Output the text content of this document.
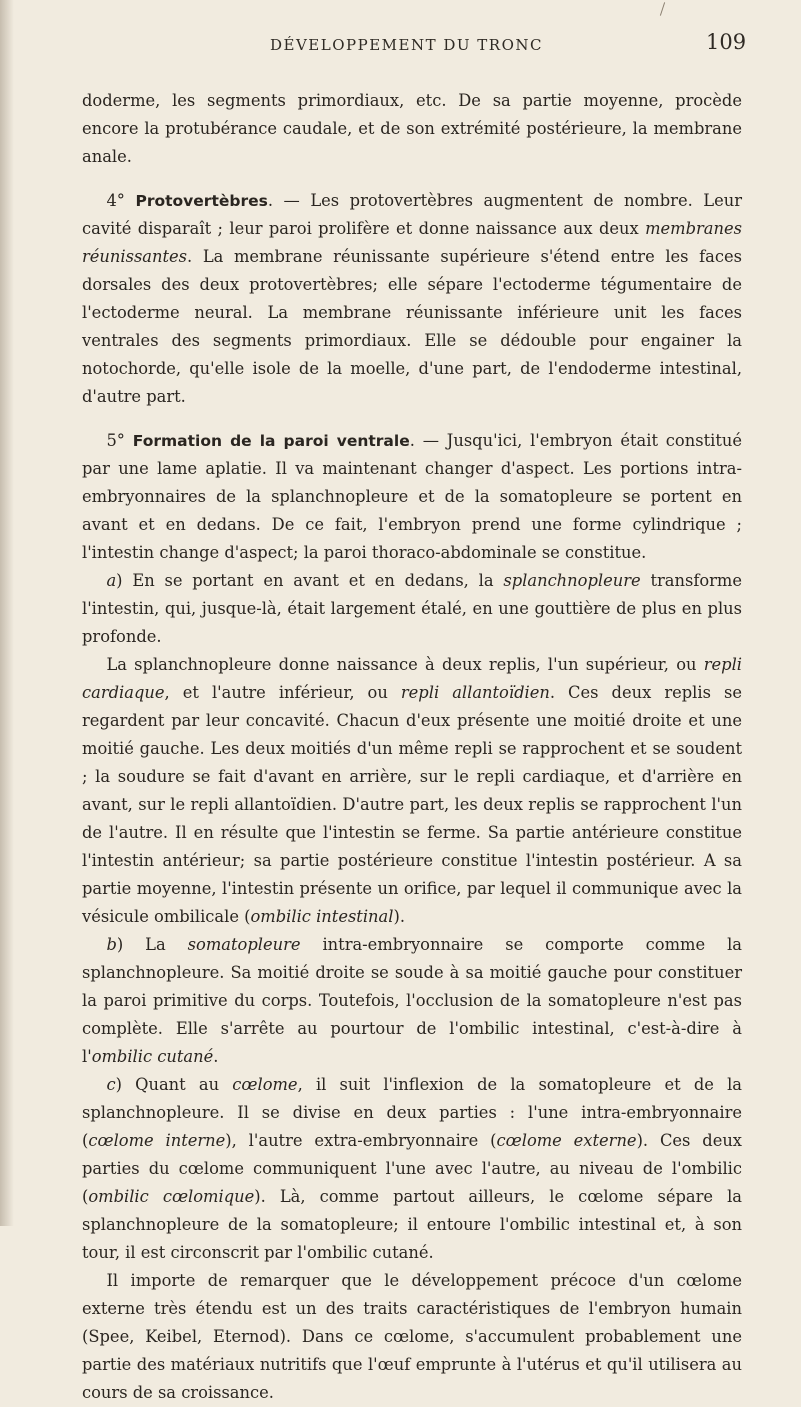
DÉVELOPPEMENT DU TRONC	109

doderme, les segments primordiaux, etc. De sa partie moyenne, procède encore la protubérance caudale, et de son extrémité postérieure, la membrane anale.

4° Protovertèbres. — Les protovertèbres augmentent de nombre. Leur cavité disparaît ; leur paroi prolifère et donne naissance aux deux membranes réunissantes. La membrane réunissante supérieure s'étend entre les faces dorsales des deux protovertèbres; elle sépare l'ectoderme tégumentaire de l'ectoderme neural. La membrane réunissante inférieure unit les faces ventrales des segments primordiaux. Elle se dédouble pour engainer la notochorde, qu'elle isole de la moelle, d'une part, de l'endoderme intestinal, d'autre part.

5° Formation de la paroi ventrale. — Jusqu'ici, l'embryon était constitué par une lame aplatie. Il va maintenant changer d'aspect. Les portions intra-embryonnaires de la splanchnopleure et de la somatopleure se portent en avant et en dedans. De ce fait, l'embryon prend une forme cylindrique ; l'intestin change d'aspect; la paroi thoraco-abdominale se constitue.

a) En se portant en avant et en dedans, la splanchnopleure transforme l'intestin, qui, jusque-là, était largement étalé, en une gouttière de plus en plus profonde.

La splanchnopleure donne naissance à deux replis, l'un supérieur, ou repli cardiaque, et l'autre inférieur, ou repli allantoïdien. Ces deux replis se regardent par leur concavité. Chacun d'eux présente une moitié droite et une moitié gauche. Les deux moitiés d'un même repli se rapprochent et se soudent ; la soudure se fait d'avant en arrière, sur le repli cardiaque, et d'arrière en avant, sur le repli allantoïdien. D'autre part, les deux replis se rapprochent l'un de l'autre. Il en résulte que l'intestin se ferme. Sa partie antérieure constitue l'intestin antérieur; sa partie postérieure constitue l'intestin postérieur. A sa partie moyenne, l'intestin présente un orifice, par lequel il communique avec la vésicule ombilicale (ombilic intestinal).

b) La somatopleure intra-embryonnaire se comporte comme la splanchnopleure. Sa moitié droite se soude à sa moitié gauche pour constituer la paroi primitive du corps. Toutefois, l'occlusion de la somatopleure n'est pas complète. Elle s'arrête au pourtour de l'ombilic intestinal, c'est-à-dire à l'ombilic cutané.

c) Quant au cœlome, il suit l'inflexion de la somatopleure et de la splanchnopleure. Il se divise en deux parties : l'une intra-embryonnaire (cœlome interne), l'autre extra-embryonnaire (cœlome externe). Ces deux parties du cœlome communiquent l'une avec l'autre, au niveau de l'ombilic (ombilic cœlomique). Là, comme partout ailleurs, le cœlome sépare la splanchnopleure de la somatopleure; il entoure l'ombilic intestinal et, à son tour, il est circonscrit par l'ombilic cutané.

Il importe de remarquer que le développement précoce d'un cœlome externe très étendu est un des traits caractéristiques de l'embryon humain (Spee, Keibel, Eternod). Dans ce cœlome, s'accumulent probablement une partie des matériaux nutritifs que l'œuf emprunte à l'utérus et qu'il utilisera au cours de sa croissance.
